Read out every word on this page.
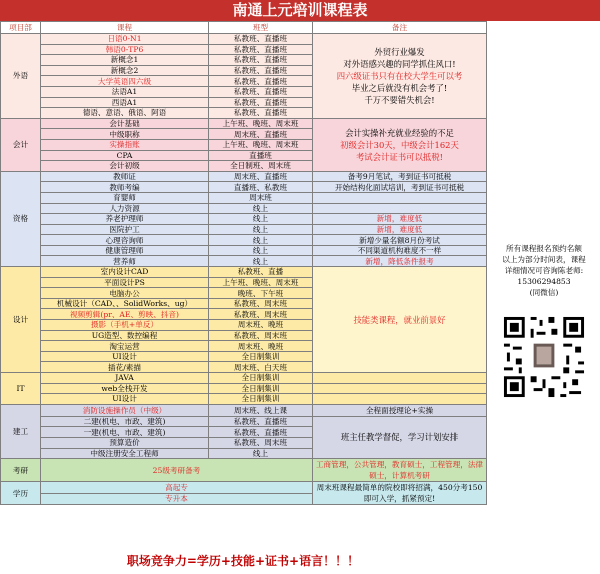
南通上元培训课程表
项目部	课程	班型	备注
外语	日语0-N1	私教班、直播班	外贸行业爆发
对外语感兴趣的同学抓住风口!
四六级证书只有在校大学生可以考
毕业之后就没有机会考了!
千万不要错失机会!

	韩语0-TP6	私教班、直播班	
	新概念1	私教班、直播班	
	新概念2	私教班、直播班	
	大学英语四六级	私教班、直播班	
	法语A1	私教班、直播班	
	西语A1	私教班、直播班	
	德语、意语、俄语、阿语	私教班、直播班	
会计	会计基础	上午班、晚班、周末班	会计实操补充就业经验的不足
初级会计30天，中级会计162天
考试会计证书可以抵税!

	中级职称	周末班、直播班	
	实操指账	上午班、晚班、周末班	
	CPA	直播班	
	会计初级	全日制班、周末班	
资格	教师证	周末班、直播班	备考9月笔试，考到证书可抵税
	教师考编	直播班、私教班	开始结构化面试培训，考到证书可抵税
	育婴师	周末班	
	人力资源	线上	
	养老护理师	线上	新增，难度低
	医院护工	线上	新增，难度低
	心理咨询师	线上	新增少量名额8月份考试
	健康管理师	线上	不同渠道机构难度不一样
	营养师	线上	新增，降低条件报考
设计	室内设计CAD	私教班、直播	技能类课程，就业前景好

	平面设计PS	上午班、晚班、周末班	
	电脑办公	晚班、下午班	
	机械设计（CAD、、SolidWorks、ug）	私教班、周末班	
	视频剪辑(pr、AE、剪映、抖音)	私教班、周末班	
	摄影（手机+单反）	周末班、晚班	
	UG造型、数控编程	私教班、周末班	
	淘宝运营	周末班、晚班	
	UI设计	全日制集训	
	插花/素描	周末班、白天班	
IT	JAVA	全日制集训	
	web全栈开发	全日制集训	
	UI设计	全日制集训	
建工	消防设施操作员（中级）	周末班、线上课	全程面授理论+实操
	二建(机电、市政、建筑)	私教班、直播班	班主任教学督促，学习计划安排
	一建(机电、市政、建筑)	私教班、直播班	
	预算造价	私教班、周末班	
	中级注册安全工程师	线上	
考研	25级考研备考		工商管理，公共管理，教育硕士，工程管理，法律硕士，计算机考研
学历	高起专		周末班课程最简单的院校即将招满，450分考150即可入学，抓紧预定!
	专升本		
所有课程报名预约名额
以上为部分时间表，课程
详细情况可咨询陈老师:
15306294853
(同微信)
职场竞争力=学历+技能+证书+语言！！！
